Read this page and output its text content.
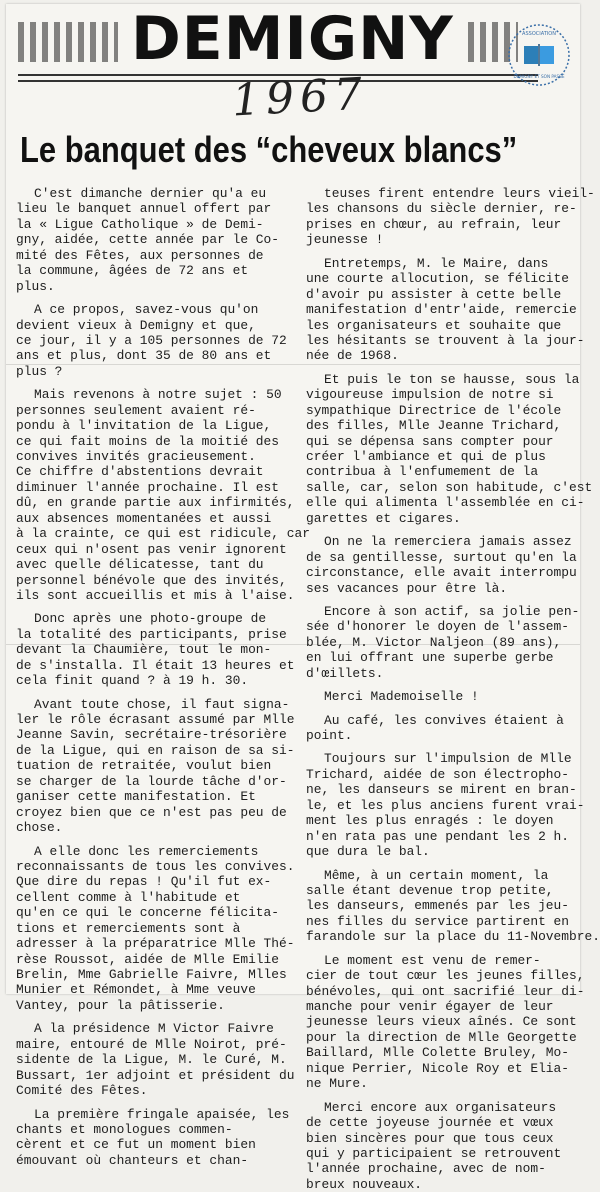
DEMIGNY
1967
ASSOCIATION
DEMIGNY ET SON PASSÉ
Le banquet des “cheveux blancs”
C'est dimanche dernier qu'a eu
lieu le banquet annuel offert par
la « Ligue Catholique » de Demi-
gny, aidée, cette année par le Co-
mité des Fêtes, aux personnes de
la commune, âgées de 72 ans et
plus.
A ce propos, savez-vous qu'on
devient vieux à Demigny et que,
ce jour, il y a 105 personnes de 72
ans et plus, dont 35 de 80 ans et
plus ?
Mais revenons à notre sujet : 50
personnes seulement avaient ré-
pondu à l'invitation de la Ligue,
ce qui fait moins de la moitié des
convives invités gracieusement.
Ce chiffre d'abstentions devrait
diminuer l'année prochaine. Il est
dû, en grande partie aux infirmités,
aux absences momentanées et aussi
à la crainte, ce qui est ridicule, car
ceux qui n'osent pas venir ignorent
avec quelle délicatesse, tant du
personnel bénévole que des invités,
ils sont accueillis et mis à l'aise.
Donc après une photo-groupe de
la totalité des participants, prise
devant la Chaumière, tout le mon-
de s'installa. Il était 13 heures et
cela finit quand ? à 19 h. 30.
Avant toute chose, il faut signa-
ler le rôle écrasant assumé par Mlle
Jeanne Savin, secrétaire-trésorière
de la Ligue, qui en raison de sa si-
tuation de retraitée, voulut bien
se charger de la lourde tâche d'or-
ganiser cette manifestation. Et
croyez bien que ce n'est pas peu de
chose.
A elle donc les remerciements
reconnaissants de tous les convives.
Que dire du repas ! Qu'il fut ex-
cellent comme à l'habitude et
qu'en ce qui le concerne félicita-
tions et remerciements sont à
adresser à la préparatrice Mlle Thé-
rèse Roussot, aidée de Mlle Emilie
Brelin, Mme Gabrielle Faivre, Mlles
Munier et Rémondet, à Mme veuve
Vantey, pour la pâtisserie.
A la présidence M Victor Faivre
maire, entouré de Mlle Noirot, pré-
sidente de la Ligue, M. le Curé, M.
Bussart, 1er adjoint et président du
Comité des Fêtes.
La première fringale apaisée, les
chants et monologues commen-
cèrent et ce fut un moment bien
émouvant où chanteurs et chan-
teuses firent entendre leurs vieil-
les chansons du siècle dernier, re-
prises en chœur, au refrain, leur
jeunesse !
Entretemps, M. le Maire, dans
une courte allocution, se félicite
d'avoir pu assister à cette belle
manifestation d'entr'aide, remercie
les organisateurs et souhaite que
les hésitants se trouvent à la jour-
née de 1968.
Et puis le ton se hausse, sous la
vigoureuse impulsion de notre si
sympathique Directrice de l'école
des filles, Mlle Jeanne Trichard,
qui se dépensa sans compter pour
créer l'ambiance et qui de plus
contribua à l'enfumement de la
salle, car, selon son habitude, c'est
elle qui alimenta l'assemblée en ci-
garettes et cigares.
On ne la remerciera jamais assez
de sa gentillesse, surtout qu'en la
circonstance, elle avait interrompu
ses vacances pour être là.
Encore à son actif, sa jolie pen-
sée d'honorer le doyen de l'assem-
blée, M. Victor Naljeon (89 ans),
en lui offrant une superbe gerbe
d'œillets.
Merci Mademoiselle !
Au café, les convives étaient à
point.
Toujours sur l'impulsion de Mlle
Trichard, aidée de son électropho-
ne, les danseurs se mirent en bran-
le, et les plus anciens furent vrai-
ment les plus enragés : le doyen
n'en rata pas une pendant les 2 h.
que dura le bal.
Même, à un certain moment, la
salle étant devenue trop petite,
les danseurs, emmenés par les jeu-
nes filles du service partirent en
farandole sur la place du 11-Novembre.
Le moment est venu de remer-
cier de tout cœur les jeunes filles,
bénévoles, qui ont sacrifié leur di-
manche pour venir égayer de leur
jeunesse leurs vieux aînés. Ce sont
pour la direction de Mlle Georgette
Baillard, Mlle Colette Bruley, Mo-
nique Perrier, Nicole Roy et Elia-
ne Mure.
Merci encore aux organisateurs
de cette joyeuse journée et vœux
bien sincères pour que tous ceux
qui y participaient se retrouvent
l'année prochaine, avec de nom-
breux nouveaux.
